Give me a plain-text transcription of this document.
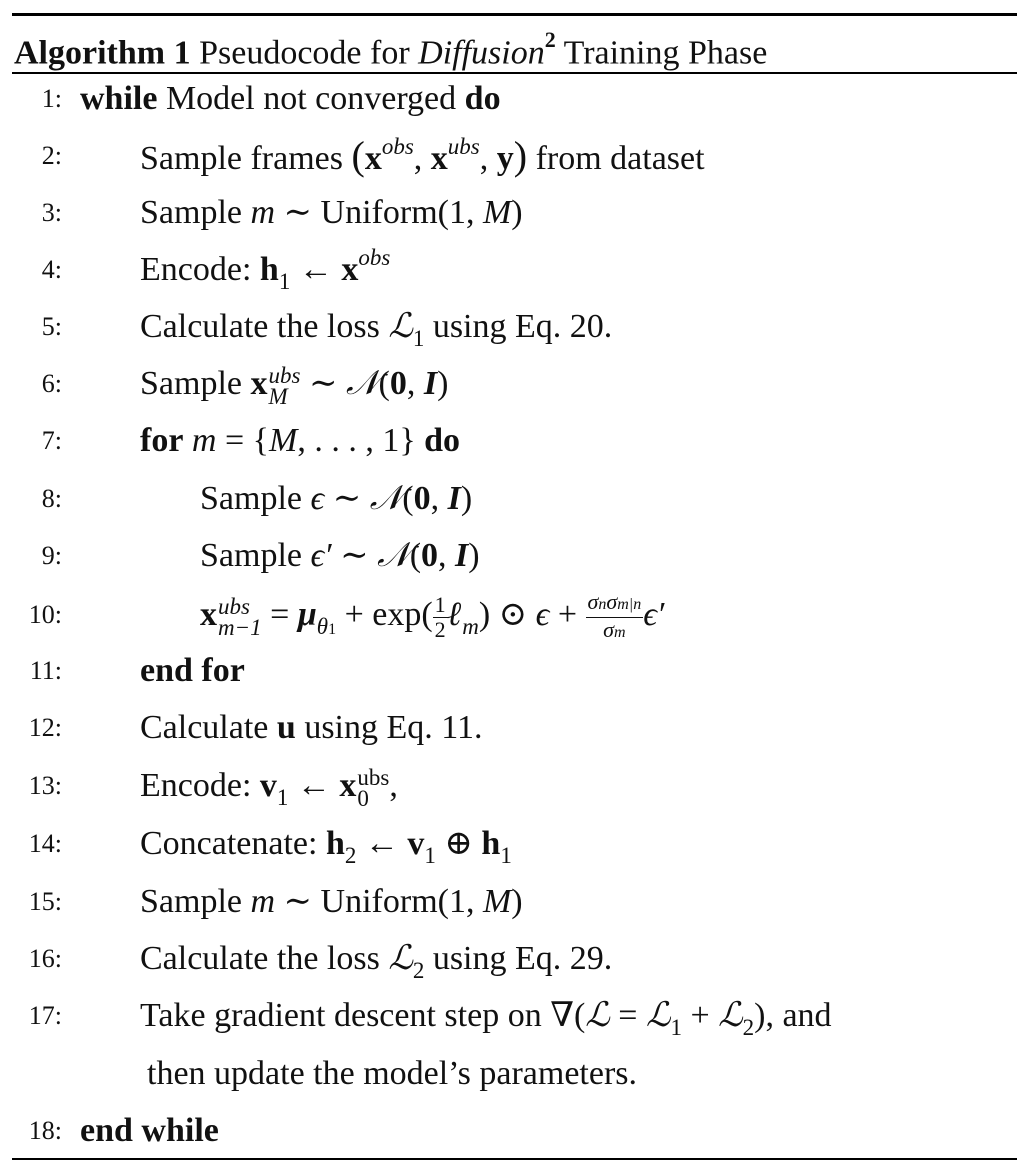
Algorithm 1 Pseudocode for Diffusion$^2$ Training Phase
1: while Model not converged do
2: Sample frames ($x^{obs}$, $x^{ubs}$, y) from dataset
3: Sample m ∼ Uniform(1, M)
4: Encode: $h_1$ ← $x^{obs}$
5: Calculate the loss ℒ$_1$ using Eq. 20.
6: Sample x ubs
M ∼ 𝒩(0, I)
7: for m = {M, . . . , 1} do
8:	Sample ϵ ∼ 𝒩(0, I)
9:	Sample ϵ′ ∼ 𝒩(0, I)
10:	x ubs
$m-1 = \mu_{\theta 1} + \exp( \frac{1}{2}$ ℓ$_m$) ⊙ $\epsilon + \frac{\text{σnσm|n}}{\sigma m} \epsilon'$
11: end for
12: Calculate u using Eq. 11.
13: Encode: $v_1$ ← x ubs
0 ,
14: Concatenate: $h_2$ ← $v_1$ ⊕ $h_1$
15: Sample m ∼ Uniform(1, M)
16: Calculate the loss ℒ$_2$ using Eq. 29.
17: Take gradient descent step on ∇(ℒ = ℒ$_1$ + ℒ$_2$), and
then update the model’s parameters.
18: end while
